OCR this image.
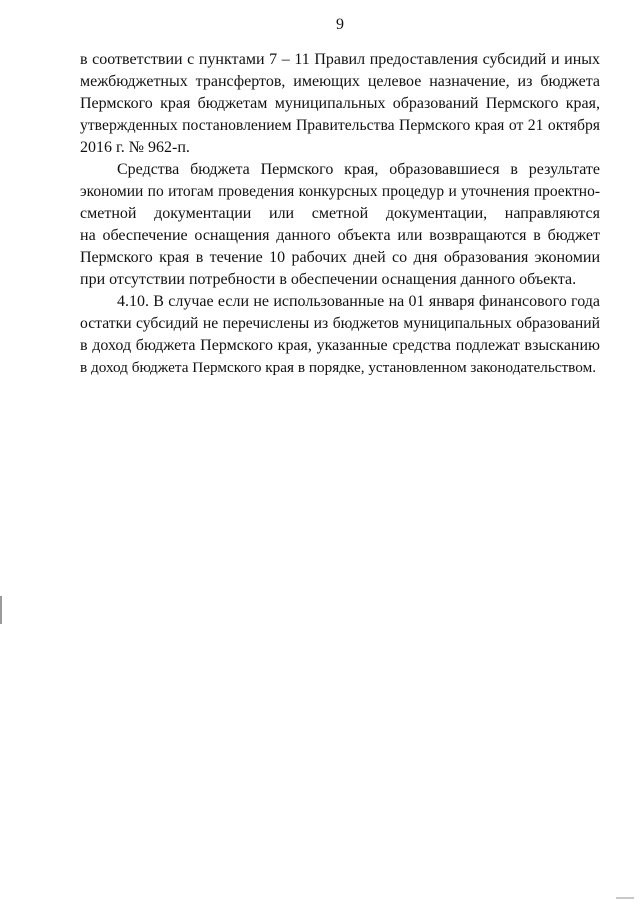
9
в соответствии с пунктами 7 – 11 Правил предоставления субсидий и иных
межбюджетных трансфертов, имеющих целевое назначение, из бюджета
Пермского края бюджетам муниципальных образований Пермского края,
утвержденных постановлением Правительства Пермского края от 21 октября
2016 г. № 962-п.
Средства бюджета Пермского края, образовавшиеся в результате
экономии по итогам проведения конкурсных процедур и уточнения проектно-
сметной документации или сметной документации, направляются
на обеспечение оснащения данного объекта или возвращаются в бюджет
Пермского края в течение 10 рабочих дней со дня образования экономии
при отсутствии потребности в обеспечении оснащения данного объекта.
4.10. В случае если не использованные на 01 января финансового года
остатки субсидий не перечислены из бюджетов муниципальных образований
в доход бюджета Пермского края, указанные средства подлежат взысканию
в доход бюджета Пермского края в порядке, установленном законодательством.
